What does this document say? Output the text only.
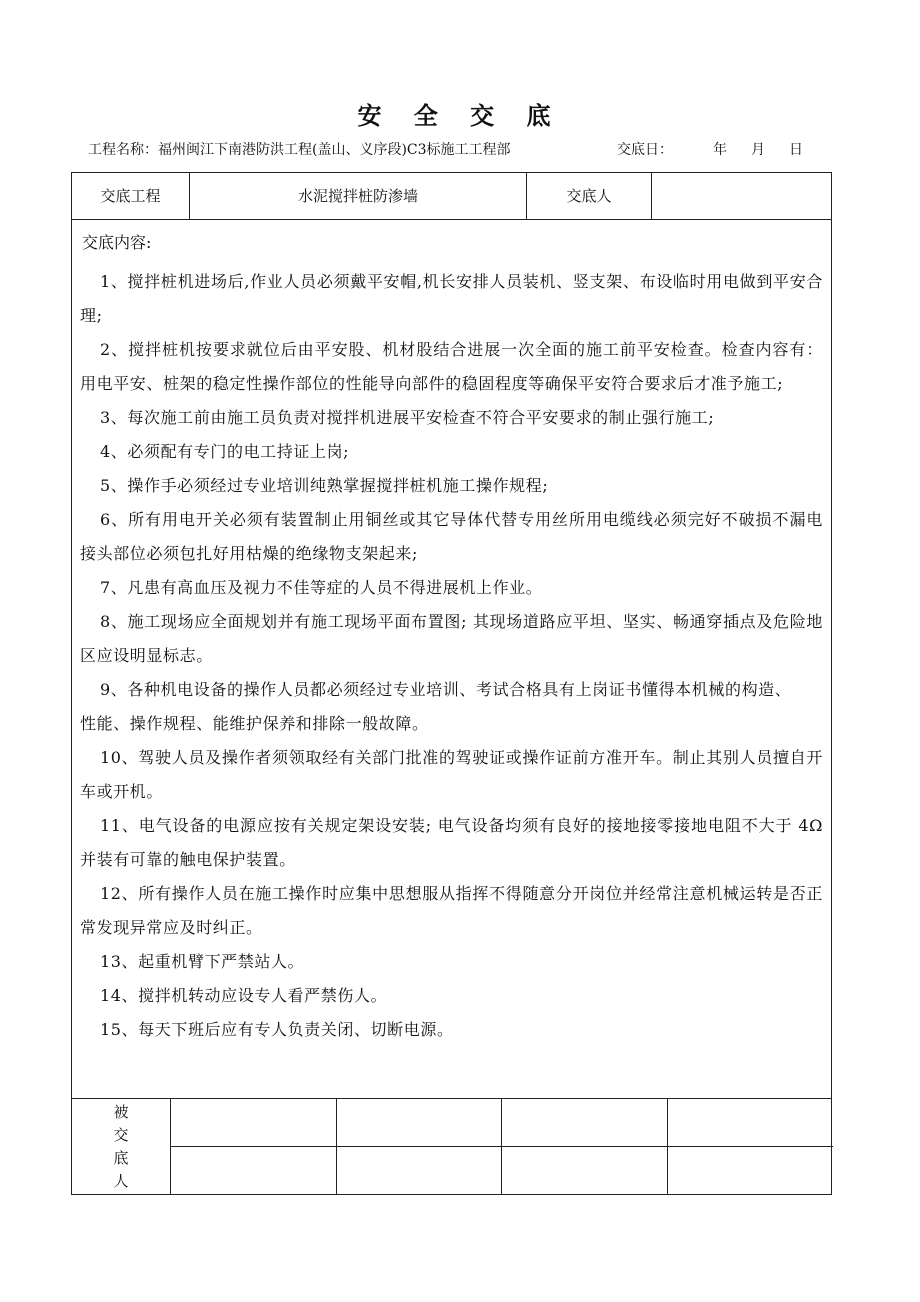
安 全 交 底
工程名称：福州闽江下南港防洪工程(盖山、义序段)C3标施工工程部	交底日：	年 月 日
交底工程	水泥搅拌桩防渗墙	交底人
交底内容:

1、搅拌桩机进场后,作业人员必须戴平安帽,机长安排人员装机、竖支架、布设临时用电做到平安合理;

2、搅拌桩机按要求就位后由平安股、机材股结合进展一次全面的施工前平安检查。检查内容有：用电平安、桩架的稳定性操作部位的性能导向部件的稳固程度等确保平安符合要求后才准予施工;

3、每次施工前由施工员负责对搅拌机进展平安检查不符合平安要求的制止强行施工;

4、必须配有专门的电工持证上岗;

5、操作手必须经过专业培训纯熟掌握搅拌桩机施工操作规程;

6、所有用电开关必须有装置制止用铜丝或其它导体代替专用丝所用电缆线必须完好不破损不漏电接头部位必须包扎好用枯燥的绝缘物支架起来;

7、凡患有高血压及视力不佳等症的人员不得进展机上作业。

8、施工现场应全面规划并有施工现场平面布置图; 其现场道路应平坦、坚实、畅通穿插点及危险地区应设明显标志。

9、各种机电设备的操作人员都必须经过专业培训、考试合格具有上岗证书懂得本机械的构造、

性能、操作规程、能维护保养和排除一般故障。

10、驾驶人员及操作者须领取经有关部门批准的驾驶证或操作证前方准开车。制止其别人员擅自开车或开机。

11、电气设备的电源应按有关规定架设安装; 电气设备均须有良好的接地接零接地电阻不大于 4Ω并装有可靠的触电保护装置。

12、所有操作人员在施工操作时应集中思想服从指挥不得随意分开岗位并经常注意机械运转是否正常发现异常应及时纠正。

13、起重机臂下严禁站人。

14、搅拌机转动应设专人看严禁伤人。

15、每天下班后应有专人负责关闭、切断电源。

被
交
底
人
